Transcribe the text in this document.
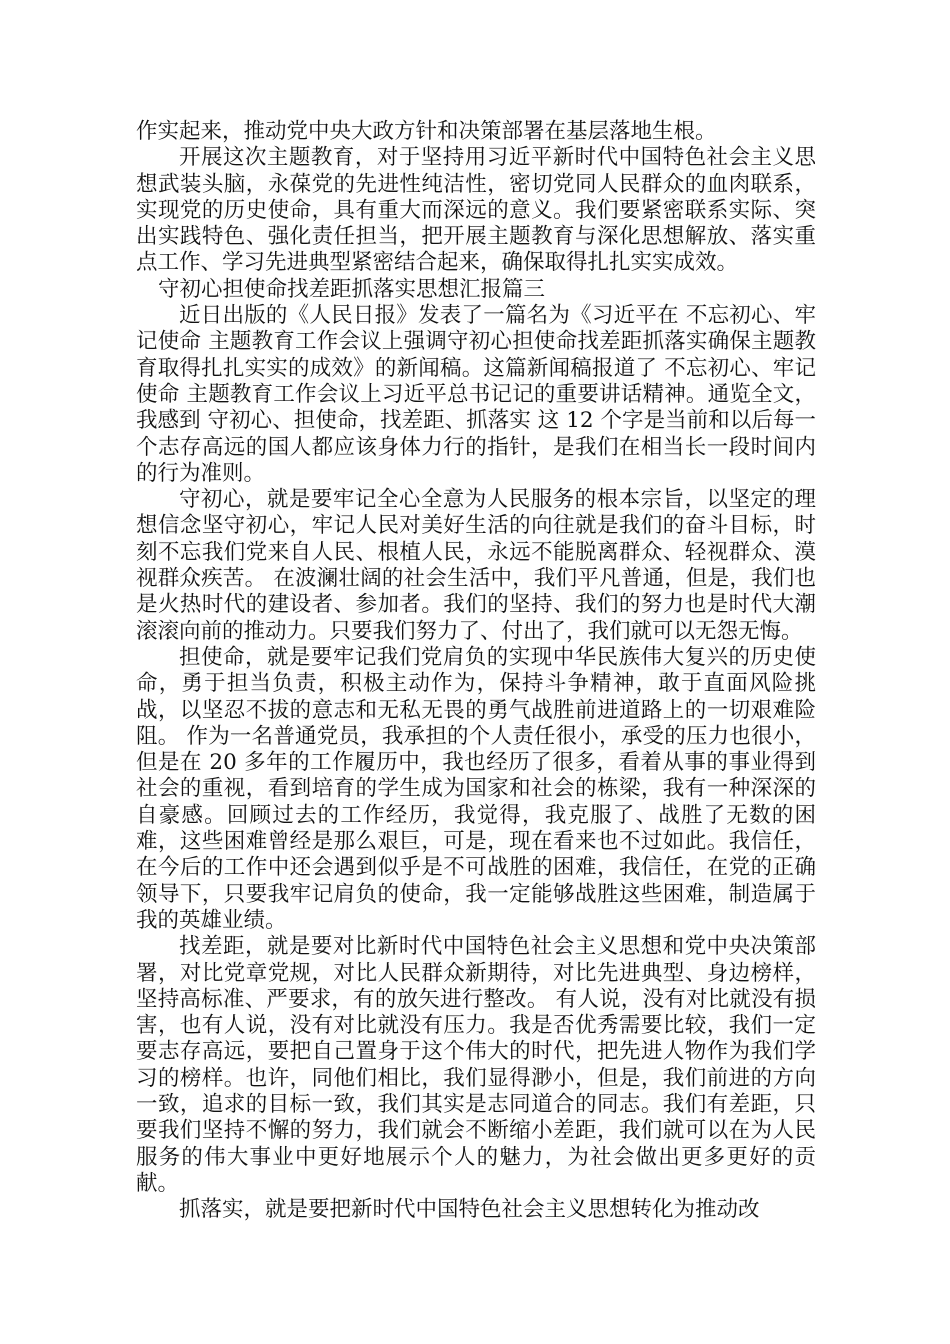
作实起来，推动党中央大政方针和决策部署在基层落地生根。

开展这次主题教育，对于坚持用习近平新时代中国特色社会主义思想武装头脑，永葆党的先进性纯洁性，密切党同人民群众的血肉联系，实现党的历史使命，具有重大而深远的意义。我们要紧密联系实际、突出实践特色、强化责任担当，把开展主题教育与深化思想解放、落实重点工作、学习先进典型紧密结合起来，确保取得扎扎实实成效。

守初心担使命找差距抓落实思想汇报篇三

近日出版的《人民日报》发表了一篇名为《习近平在 不忘初心、牢记使命 主题教育工作会议上强调守初心担使命找差距抓落实确保主题教育取得扎扎实实的成效》的新闻稿。这篇新闻稿报道了 不忘初心、牢记使命 主题教育工作会议上习近平总书记记的重要讲话精神。通览全文，我感到 守初心、担使命，找差距、抓落实 这 12 个字是当前和以后每一个志存高远的国人都应该身体力行的指针，是我们在相当长一段时间内的行为准则。

守初心，就是要牢记全心全意为人民服务的根本宗旨，以坚定的理想信念坚守初心，牢记人民对美好生活的向往就是我们的奋斗目标，时刻不忘我们党来自人民、根植人民，永远不能脱离群众、轻视群众、漠视群众疾苦。 在波澜壮阔的社会生活中，我们平凡普通，但是，我们也是火热时代的建设者、参加者。我们的坚持、我们的努力也是时代大潮滚滚向前的推动力。只要我们努力了、付出了，我们就可以无怨无悔。

担使命，就是要牢记我们党肩负的实现中华民族伟大复兴的历史使命，勇于担当负责，积极主动作为，保持斗争精神，敢于直面风险挑战，以坚忍不拔的意志和无私无畏的勇气战胜前进道路上的一切艰难险阻。 作为一名普通党员，我承担的个人责任很小，承受的压力也很小，但是在 20 多年的工作履历中，我也经历了很多，看着从事的事业得到社会的重视，看到培育的学生成为国家和社会的栋梁，我有一种深深的自豪感。回顾过去的工作经历，我觉得，我克服了、战胜了无数的困难，这些困难曾经是那么艰巨，可是，现在看来也不过如此。我信任，在今后的工作中还会遇到似乎是不可战胜的困难，我信任，在党的正确领导下，只要我牢记肩负的使命，我一定能够战胜这些困难，制造属于我的英雄业绩。

找差距，就是要对比新时代中国特色社会主义思想和党中央决策部署，对比党章党规，对比人民群众新期待，对比先进典型、身边榜样，坚持高标准、严要求，有的放矢进行整改。 有人说，没有对比就没有损害，也有人说，没有对比就没有压力。我是否优秀需要比较，我们一定要志存高远，要把自己置身于这个伟大的时代，把先进人物作为我们学习的榜样。也许，同他们相比，我们显得渺小，但是，我们前进的方向一致，追求的目标一致，我们其实是志同道合的同志。我们有差距，只要我们坚持不懈的努力，我们就会不断缩小差距，我们就可以在为人民服务的伟大事业中更好地展示个人的魅力，为社会做出更多更好的贡献。

抓落实，就是要把新时代中国特色社会主义思想转化为推动改
